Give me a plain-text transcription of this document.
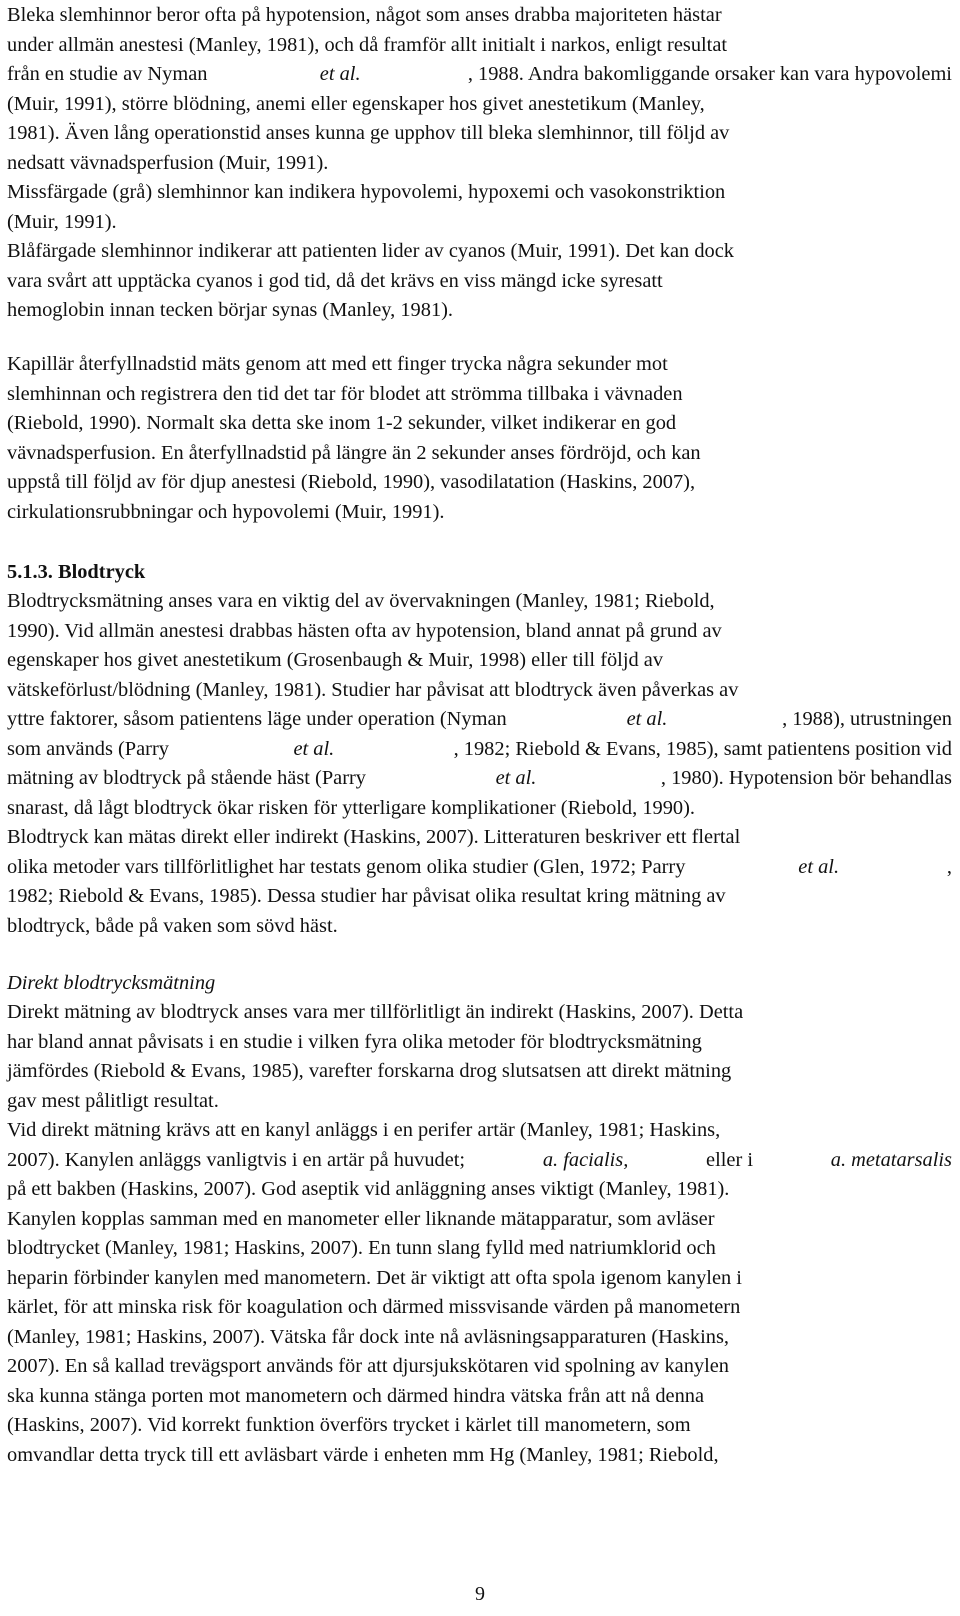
Bleka slemhinnor beror ofta på hypotension, något som anses drabba majoriteten hästar
under allmän anestesi (Manley, 1981), och då framför allt initialt i narkos, enligt resultat
från en studie av Nyman	et al.	, 1988. Andra bakomliggande orsaker kan vara hypovolemi
(Muir, 1991), större blödning, anemi eller egenskaper hos givet anestetikum (Manley,
1981). Även lång operationstid anses kunna ge upphov till bleka slemhinnor, till följd av
nedsatt vävnadsperfusion (Muir, 1991).
Missfärgade (grå) slemhinnor kan indikera hypovolemi, hypoxemi och vasokonstriktion
(Muir, 1991).
Blåfärgade slemhinnor indikerar att patienten lider av cyanos (Muir, 1991). Det kan dock
vara svårt att upptäcka cyanos i god tid, då det krävs en viss mängd icke syresatt
hemoglobin innan tecken börjar synas (Manley, 1981).
Kapillär återfyllnadstid mäts genom att med ett finger trycka några sekunder mot
slemhinnan och registrera den tid det tar för blodet att strömma tillbaka i vävnaden
(Riebold, 1990). Normalt ska detta ske inom 1-2 sekunder, vilket indikerar en god
vävnadsperfusion. En återfyllnadstid på längre än 2 sekunder anses fördröjd, och kan
uppstå till följd av för djup anestesi (Riebold, 1990), vasodilatation (Haskins, 2007),
cirkulationsrubbningar och hypovolemi (Muir, 1991).
5.1.3. Blodtryck
Blodtrycksmätning anses vara en viktig del av övervakningen (Manley, 1981; Riebold,
1990). Vid allmän anestesi drabbas hästen ofta av hypotension, bland annat på grund av
egenskaper hos givet anestetikum (Grosenbaugh & Muir, 1998) eller till följd av
vätskeförlust/blödning (Manley, 1981). Studier har påvisat att blodtryck även påverkas av
yttre faktorer, såsom patientens läge under operation (Nyman	et al.	, 1988), utrustningen
som används (Parry	et al.	, 1982; Riebold & Evans, 1985), samt patientens position vid
mätning av blodtryck på stående häst (Parry	et al.	, 1980). Hypotension bör behandlas
snarast, då lågt blodtryck ökar risken för ytterligare komplikationer (Riebold, 1990).
Blodtryck kan mätas direkt eller indirekt (Haskins, 2007). Litteraturen beskriver ett flertal
olika metoder vars tillförlitlighet har testats genom olika studier (Glen, 1972; Parry	et al.	,
1982; Riebold & Evans, 1985). Dessa studier har påvisat olika resultat kring mätning av
blodtryck, både på vaken som sövd häst.
Direkt blodtrycksmätning
Direkt mätning av blodtryck anses vara mer tillförlitligt än indirekt (Haskins, 2007). Detta
har bland annat påvisats i en studie i vilken fyra olika metoder för blodtrycksmätning
jämfördes (Riebold & Evans, 1985), varefter forskarna drog slutsatsen att direkt mätning
gav mest pålitligt resultat.
Vid direkt mätning krävs att en kanyl anläggs i en perifer artär (Manley, 1981; Haskins,
2007). Kanylen anläggs vanligtvis i en artär på huvudet;	a. facialis,	eller i	a. metatarsalis
på ett bakben (Haskins, 2007). God aseptik vid anläggning anses viktigt (Manley, 1981).
Kanylen kopplas samman med en manometer eller liknande mätapparatur, som avläser
blodtrycket (Manley, 1981; Haskins, 2007). En tunn slang fylld med natriumklorid och
heparin förbinder kanylen med manometern. Det är viktigt att ofta spola igenom kanylen i
kärlet, för att minska risk för koagulation och därmed missvisande värden på manometern
(Manley, 1981; Haskins, 2007). Vätska får dock inte nå avläsningsapparaturen (Haskins,
2007). En så kallad trevägsport används för att djursjukskötaren vid spolning av kanylen
ska kunna stänga porten mot manometern och därmed hindra vätska från att nå denna
(Haskins, 2007). Vid korrekt funktion överförs trycket i kärlet till manometern, som
omvandlar detta tryck till ett avläsbart värde i enheten mm Hg (Manley, 1981; Riebold,
9
